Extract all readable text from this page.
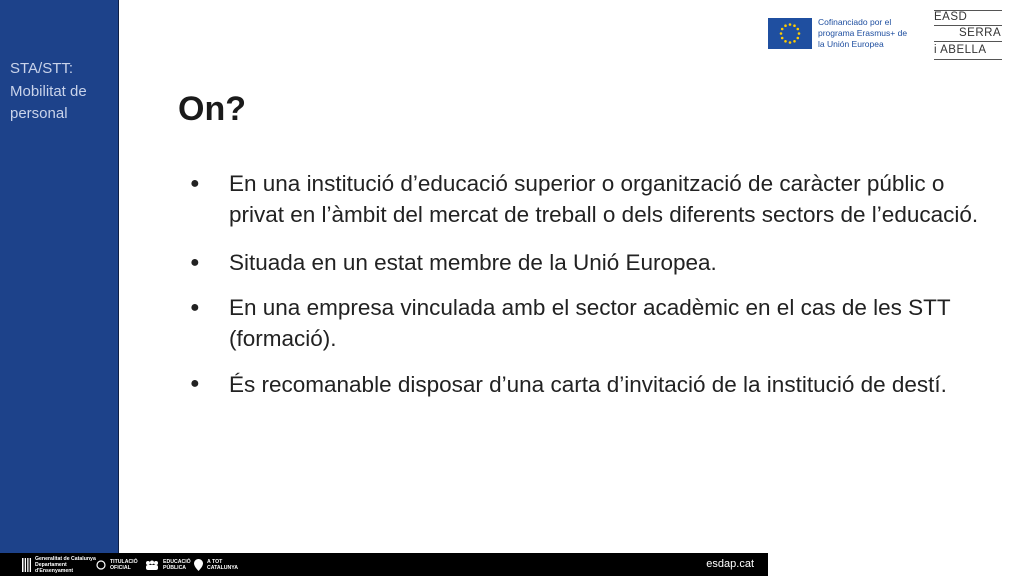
STA/STT: Mobilitat de personal
Cofinanciado por el programa Erasmus+ de la Unión Europea
EASD
SERRA
i ABELLA
On?
● En una institució d’educació superior o organització de caràcter públic o privat en l’àmbit del mercat de treball o dels diferents sectors de l’educació.
● Situada en un estat membre de la Unió Europea.
● En una empresa vinculada amb el sector acadèmic en el cas de les STT (formació).
● És recomanable disposar d’una carta d’invitació de la institució de destí.
Generalitat de Catalunya
Departament
d'Ensenyament
TITULACIÓ
OFICIAL
EDUCACIÓ
PÚBLICA
A TOT
CATALUNYA	esdap.cat
